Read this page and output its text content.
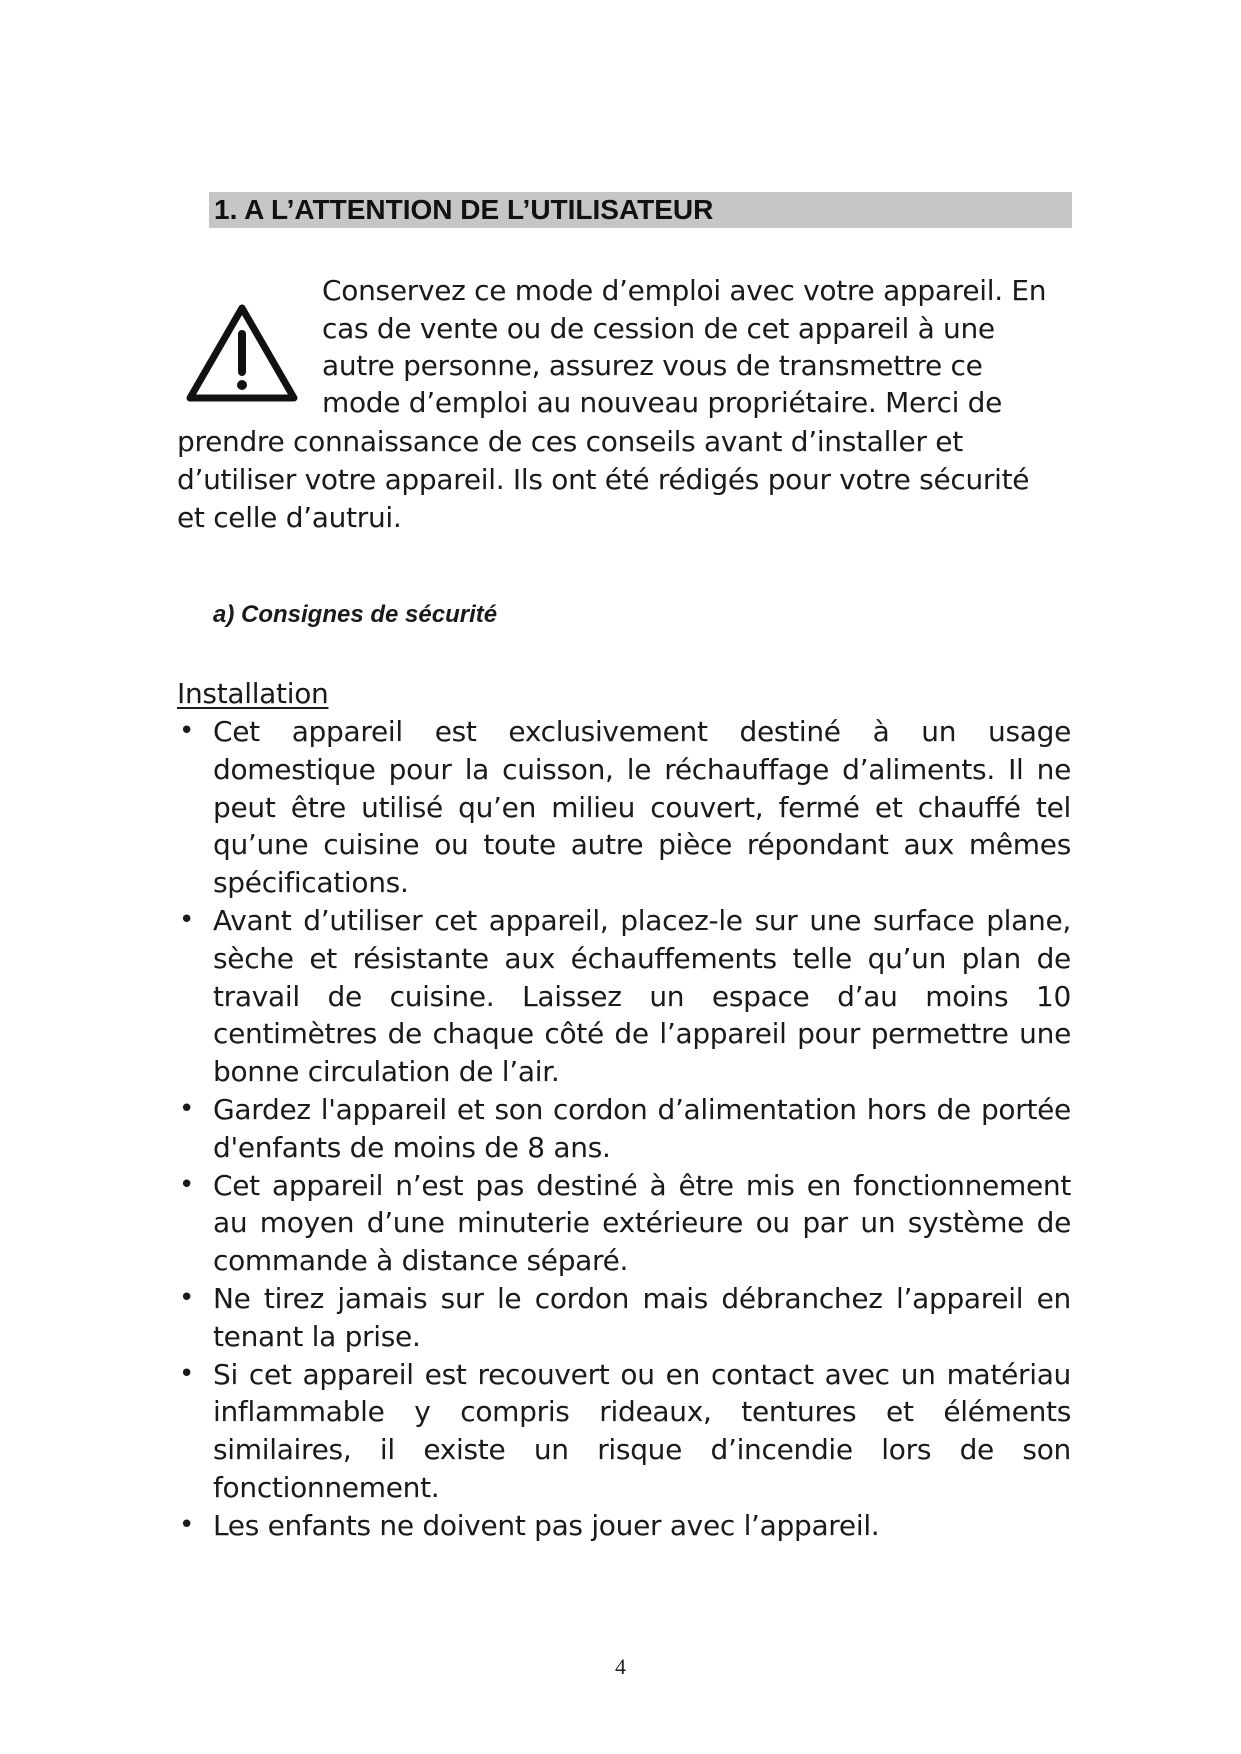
1. A L’ATTENTION DE L’UTILISATEUR
Conservez ce mode d’emploi avec votre appareil. En
cas de vente ou de cession de cet appareil à une
autre personne, assurez vous de transmettre ce
mode d’emploi au nouveau propriétaire. Merci de
prendre connaissance de ces conseils avant d’installer et
d’utiliser votre appareil. Ils ont été rédigés pour votre sécurité
et celle d’autrui.
a) Consignes de sécurité
Installation
• Cet appareil est exclusivement destiné à un usage domestique pour la cuisson, le réchauffage d’aliments. Il ne peut être utilisé qu’en milieu couvert, fermé et chauffé tel qu’une cuisine ou toute autre pièce répondant aux mêmes spécifications.
• Avant d’utiliser cet appareil, placez-le sur une surface plane, sèche et résistante aux échauffements telle qu’un plan de travail de cuisine. Laissez un espace d’au moins 10 centimètres de chaque côté de l’appareil pour permettre une bonne circulation de l’air.
• Gardez l'appareil et son cordon d’alimentation hors de portée d'enfants de moins de 8 ans.
• Cet appareil n’est pas destiné à être mis en fonctionnement au moyen d’une minuterie extérieure ou par un système de commande à distance séparé.
• Ne tirez jamais sur le cordon mais débranchez l’appareil en tenant la prise.
• Si cet appareil est recouvert ou en contact avec un matériau inflammable y compris rideaux, tentures et éléments similaires, il existe un risque d’incendie lors de son fonctionnement.
• Les enfants ne doivent pas jouer avec l’appareil.
4
